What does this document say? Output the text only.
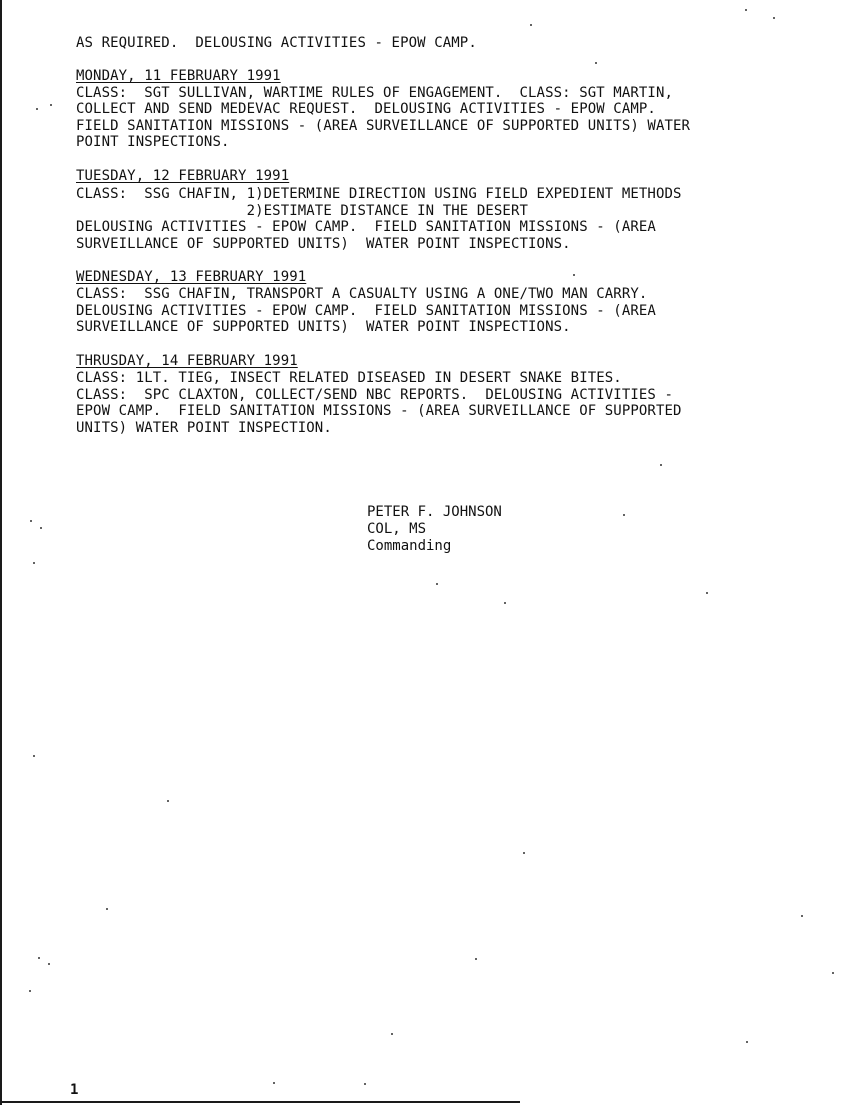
AS REQUIRED.  DELOUSING ACTIVITIES - EPOW CAMP.
MONDAY, 11 FEBRUARY 1991
CLASS:  SGT SULLIVAN, WARTIME RULES OF ENGAGEMENT.  CLASS: SGT MARTIN,
COLLECT AND SEND MEDEVAC REQUEST.  DELOUSING ACTIVITIES - EPOW CAMP.
FIELD SANITATION MISSIONS - (AREA SURVEILLANCE OF SUPPORTED UNITS) WATER
POINT INSPECTIONS.
TUESDAY, 12 FEBRUARY 1991
CLASS:  SSG CHAFIN, 1)DETERMINE DIRECTION USING FIELD EXPEDIENT METHODS
2)ESTIMATE DISTANCE IN THE DESERT
DELOUSING ACTIVITIES - EPOW CAMP.  FIELD SANITATION MISSIONS - (AREA
SURVEILLANCE OF SUPPORTED UNITS)  WATER POINT INSPECTIONS.
WEDNESDAY, 13 FEBRUARY 1991
CLASS:  SSG CHAFIN, TRANSPORT A CASUALTY USING A ONE/TWO MAN CARRY.
DELOUSING ACTIVITIES - EPOW CAMP.  FIELD SANITATION MISSIONS - (AREA
SURVEILLANCE OF SUPPORTED UNITS)  WATER POINT INSPECTIONS.
THRUSDAY, 14 FEBRUARY 1991
CLASS: 1LT. TIEG, INSECT RELATED DISEASED IN DESERT SNAKE BITES.
CLASS:  SPC CLAXTON, COLLECT/SEND NBC REPORTS.  DELOUSING ACTIVITIES -
EPOW CAMP.  FIELD SANITATION MISSIONS - (AREA SURVEILLANCE OF SUPPORTED
UNITS) WATER POINT INSPECTION.
PETER F. JOHNSON
COL, MS
Commanding
1
